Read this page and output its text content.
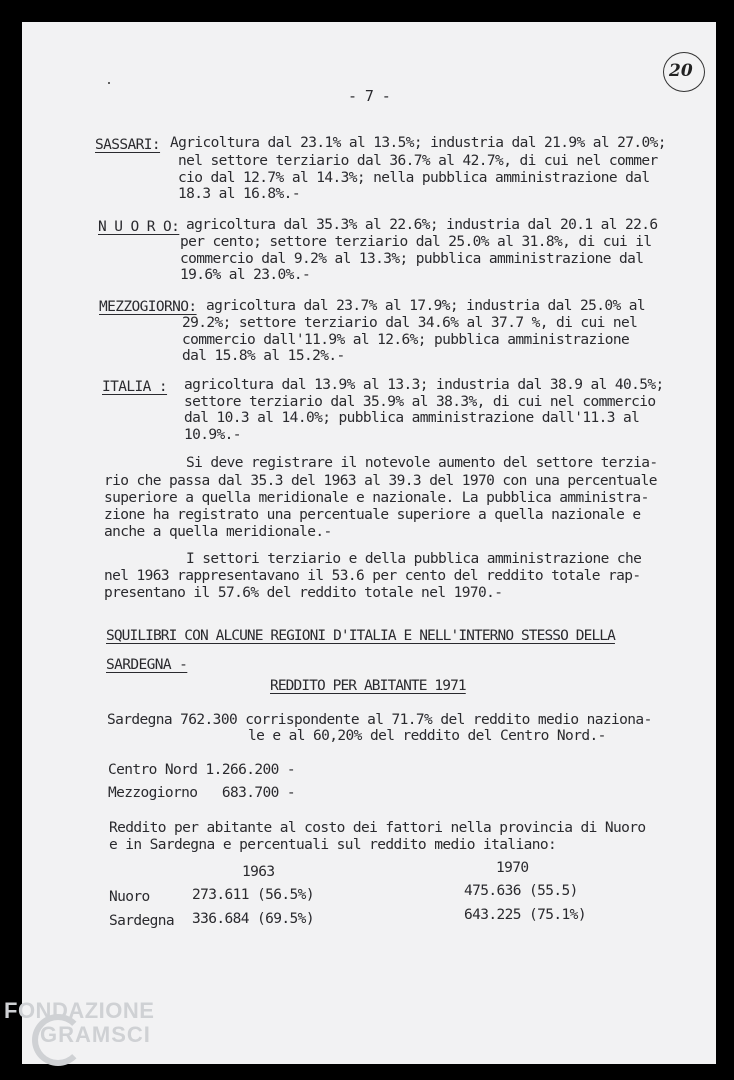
20
- 7 -
SASSARI: Agricoltura dal 23.1% al 13.5%; industria dal 21.9% al 27.0%;
nel settore terziario dal 36.7% al 42.7%, di cui nel commer
cio dal 12.7% al 14.3%; nella pubblica amministrazione dal
18.3 al 16.8%.-
N U O R O: agricoltura dal 35.3% al 22.6%; industria dal 20.1 al 22.6
per cento; settore terziario dal 25.0% al 31.8%, di cui il
commercio dal 9.2% al 13.3%; pubblica amministrazione dal
19.6% al 23.0%.-
MEZZOGIORNO: agricoltura dal 23.7% al 17.9%; industria dal 25.0% al
29.2%; settore terziario dal 34.6% al 37.7 %, di cui nel
commercio dall'11.9% al 12.6%; pubblica amministrazione
dal 15.8% al 15.2%.-
ITALIA : agricoltura dal 13.9% al 13.3; industria dal 38.9 al 40.5%;
settore terziario dal 35.9% al 38.3%, di cui nel commercio
dal 10.3 al 14.0%; pubblica amministrazione dall'11.3 al
10.9%.-
Si deve registrare il notevole aumento del settore terzia-
rio che passa dal 35.3 del 1963 al 39.3 del 1970 con una percentuale
superiore a quella meridionale e nazionale. La pubblica amministra-
zione ha registrato una percentuale superiore a quella nazionale e
anche a quella meridionale.-
I settori terziario e della pubblica amministrazione che
nel 1963 rappresentavano il 53.6 per cento del reddito totale rap-
presentano il 57.6% del reddito totale nel 1970.-
SQUILIBRI CON ALCUNE REGIONI D'ITALIA E NELL'INTERNO STESSO DELLA
SARDEGNA -
REDDITO PER ABITANTE 1971
Sardegna 762.300 corrispondente al 71.7% del reddito medio naziona-
le e al 60,20% del reddito del Centro Nord.-
Centro Nord 1.266.200 -
Mezzogiorno   683.700 -
Reddito per abitante al costo dei fattori nella provincia di Nuoro
e in Sardegna e percentuali sul reddito medio italiano:
1963	1970
Nuoro	273.611 (56.5%)	475.636 (55.5)
Sardegna 336.684 (69.5%)	643.225 (75.1%)
FONDAZIONE
GRAMSCI
